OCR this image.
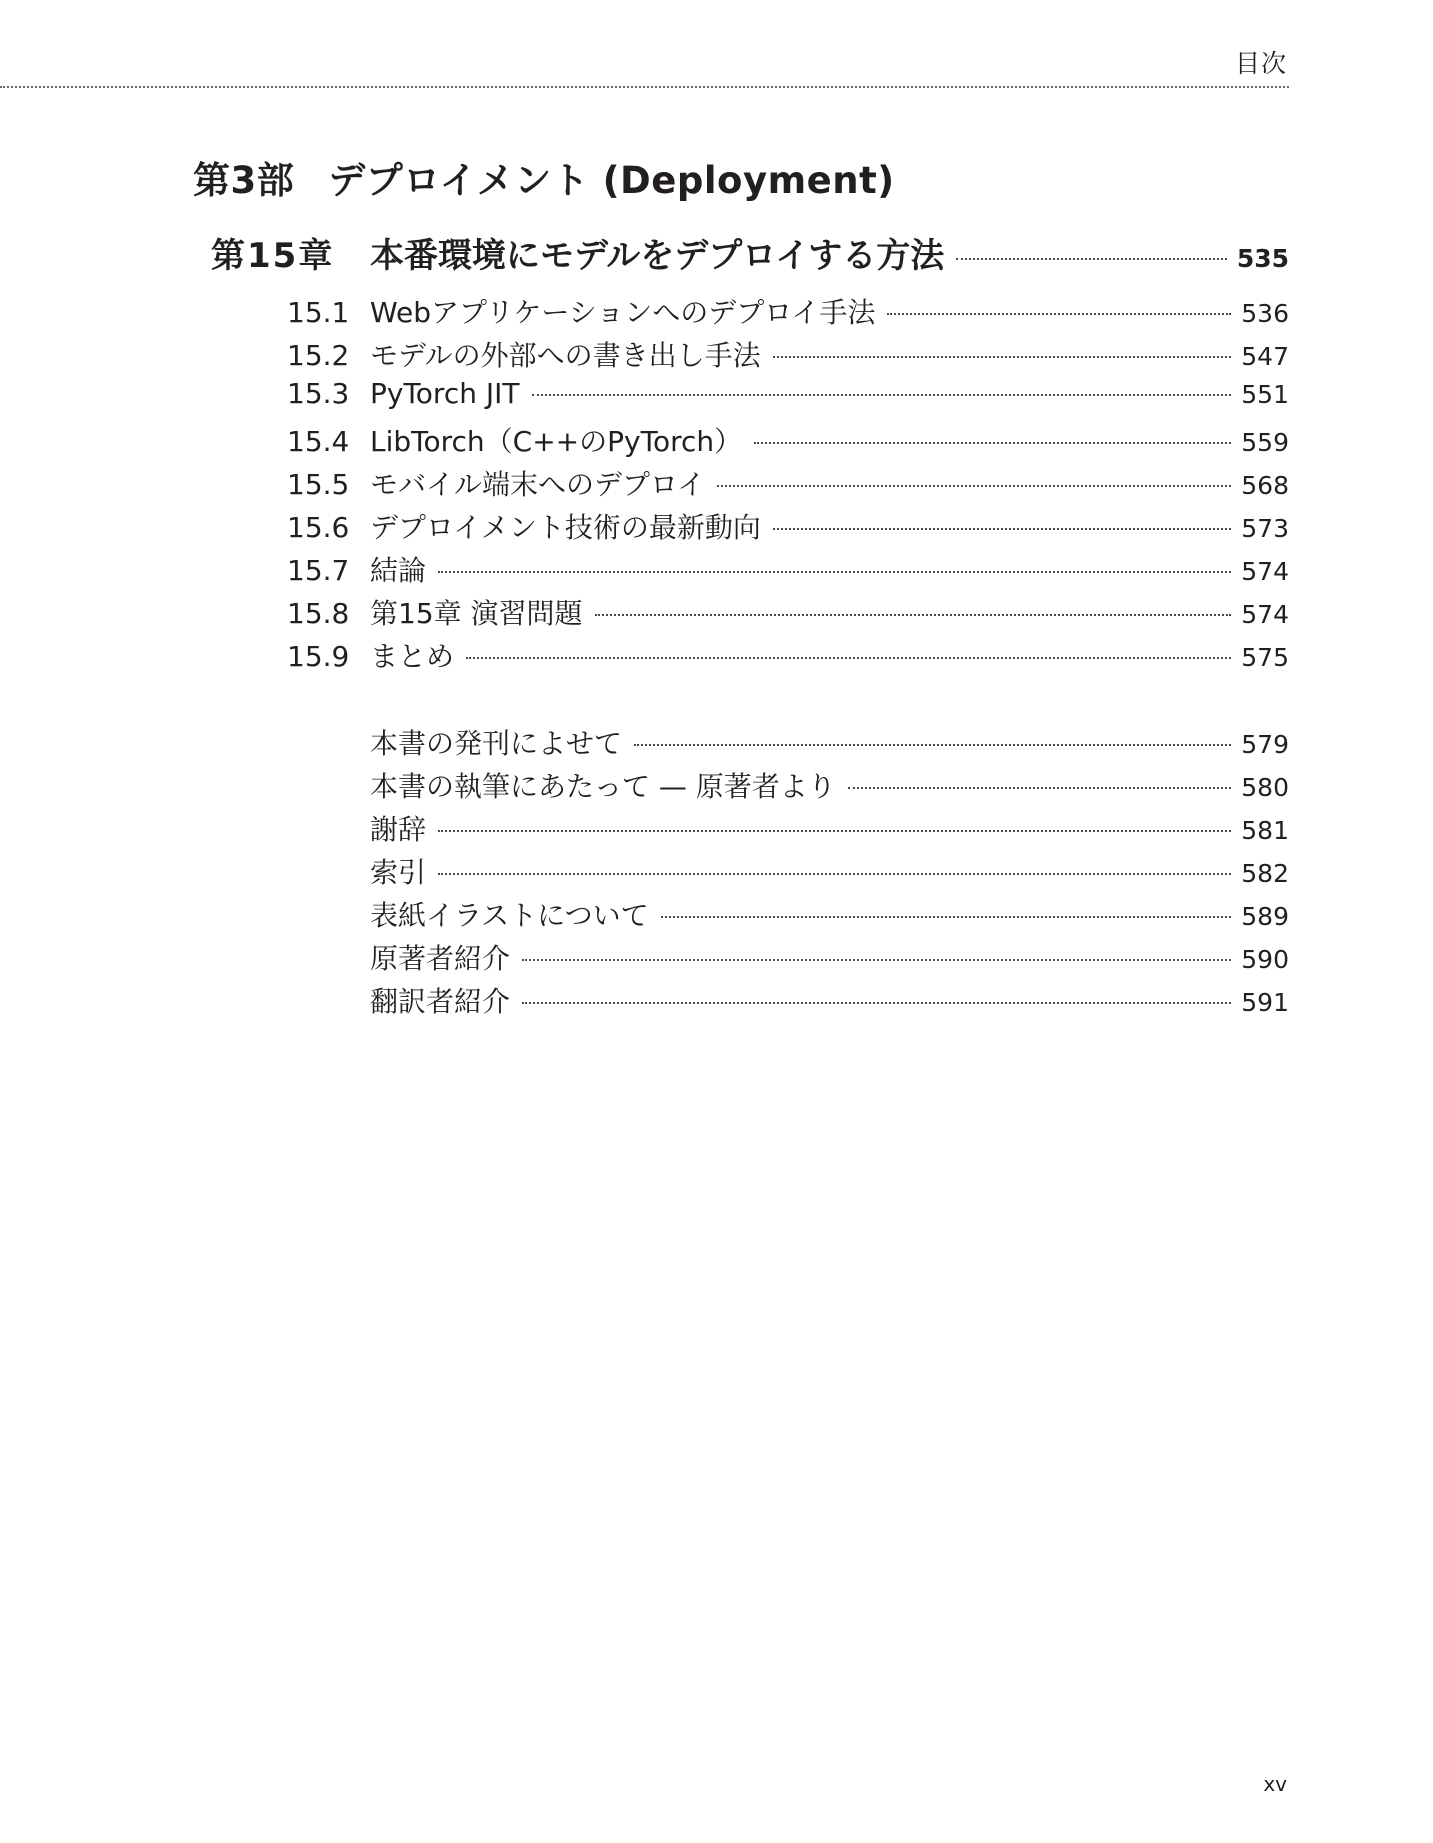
目次
第3部 デプロイメント (Deployment)
第15章	本番環境にモデルをデプロイする方法	535
15.1 Webアプリケーションへのデプロイ手法	536
15.2 モデルの外部への書き出し手法	547
15.3 PyTorch JIT	551
15.4 LibTorch（C++のPyTorch）	559
15.5 モバイル端末へのデプロイ	568
15.6 デプロイメント技術の最新動向	573
15.7 結論	574
15.8 第15章 演習問題	574
15.9 まとめ	575
本書の発刊によせて	579
本書の執筆にあたって — 原著者より	580
謝辞	581
索引	582
表紙イラストについて	589
原著者紹介	590
翻訳者紹介	591
xv
